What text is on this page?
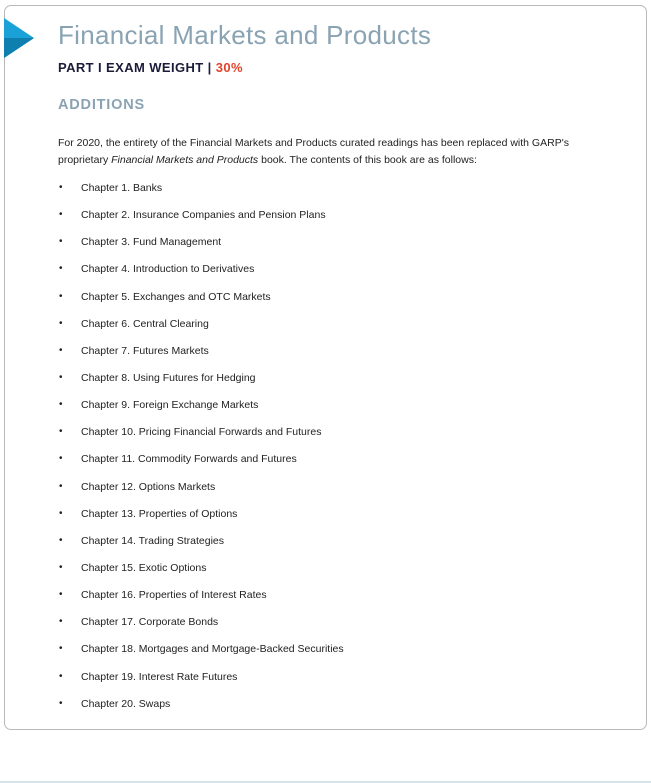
Financial Markets and Products
PART I EXAM WEIGHT | 30%
ADDITIONS

For 2020, the entirety of the Financial Markets and Products curated readings has been replaced with GARP's proprietary Financial Markets and Products book. The contents of this book are as follows:

• Chapter 1. Banks
• Chapter 2. Insurance Companies and Pension Plans
• Chapter 3. Fund Management
• Chapter 4. Introduction to Derivatives
• Chapter 5. Exchanges and OTC Markets
• Chapter 6. Central Clearing
• Chapter 7. Futures Markets
• Chapter 8. Using Futures for Hedging
• Chapter 9. Foreign Exchange Markets
• Chapter 10. Pricing Financial Forwards and Futures
• Chapter 11. Commodity Forwards and Futures
• Chapter 12. Options Markets
• Chapter 13. Properties of Options
• Chapter 14. Trading Strategies
• Chapter 15. Exotic Options
• Chapter 16. Properties of Interest Rates
• Chapter 17. Corporate Bonds
• Chapter 18. Mortgages and Mortgage-Backed Securities
• Chapter 19. Interest Rate Futures
• Chapter 20. Swaps
